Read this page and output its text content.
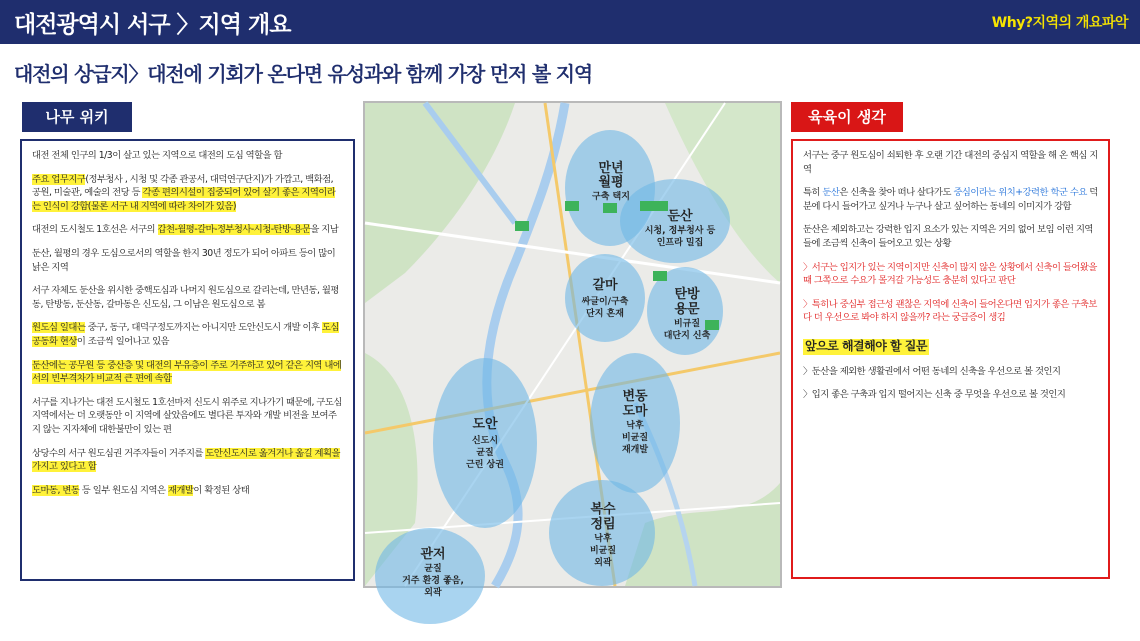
대전광역시 서구 〉지역 개요	Why?지역의 개요파악
대전의 상급지〉대전에 기회가 온다면 유성과와 함께 가장 먼저 볼 지역
나무 위키

대전 전체 인구의 1/3이 살고 있는 지역으로 대전의 도심 역할을 함

주요 업무지구(정부청사 , 시청 및 각종 관공서, 대덕연구단지)가 가깝고, 백화점, 공원, 미술관, 예술의 전당 등 각종 편의시설이 집중되어 있어 살기 좋은 지역이라는 인식이 강함(물론 서구 내 지역에 따라 차이가 있음)

대전의 도시철도 1호선은 서구의 갑천-월평-갈마-정부청사-시청-탄방-용문을 지남

둔산, 월평의 경우 도심으로서의 역할을 한지 30년 정도가 되어 아파트 등이 많이 낡은 지역

서구 자체도 둔산을 위시한 중핵도심과 나머지 원도심으로 갈리는데, 만년동, 월평동, 탄방동, 둔산동, 갈마동은 신도심, 그 이남은 원도심으로 봄

원도심 일대는 중구, 동구, 대덕구정도까지는 아니지만 도안신도시 개발 이후 도심 공동화 현상이 조금씩 일어나고 있음

둔산에는 공무원 등 중산층 및 대전의 부유층이 주로 거주하고 있어 같은 지역 내에서의 빈부격차가 비교적 큰 편에 속함

서구를 지나가는 대전 도시철도 1호선마저 신도시 위주로 지나가기 때문에, 구도심 지역에서는 더 오랫동안 이 지역에 살았음에도 별다른 투자와 개발 비전을 보여주지 않는 지자체에 대한불만이 있는 편

상당수의 서구 원도심권 거주자들이 거주지를 도안신도시로 옮겨거나 옮길 계획을 가지고 있다고 함

도마동, 변동 등 일부 원도심 지역은 재개발이 확정된 상태

만년
월평
구축 택지
둔산
시청, 정부청사 등
인프라 밀집
갈마
싸글이/구축
단지 혼재
탄방
용문
비규질
대단지 신축
도안
신도시
균질
근린 상권
변동
도마
낙후
비균질
재개발
복수
정림
낙후
비균질
외곽
관저
균질
거주 환경 좋음,
외곽
육육이 생각

서구는 중구 원도심이 쇠퇴한 후 오랜 기간 대전의 중심지 역할을 해 온 핵심 지역

특히 둔산은 신축을 찾아 떠나 살다가도 중심이라는 위치+강력한 학군 수요 덕분에 다시 들어가고 싶거나 누구나 살고 싶어하는 동네의 이미지가 강함

둔산은 제외하고는 강력한 입지 요소가 있는 지역은 거의 없어 보임 이런 지역들에 조금씩 신축이 들어오고 있는 상황

〉서구는 입지가 있는 지역이지만 신축이 많지 않은 상황에서 신축이 들어왔을 때 그쪽으로 수요가 몰겨갈 가능성도 충분히 있다고 판단

〉특히나 중심부 접근성 괜찮은 지역에 신축이 들어온다면 입지가 좋은 구축보다 더 우선으로 봐야 하지 않을까? 라는 궁금증이 생김

앞으로 해결해야 할 질문

〉둔산을 제외한 생활권에서 어떤 동네의 신축을 우선으로 볼 것인지

〉입지 좋은 구축과 입지 떨어지는 신축 중 무엇을 우선으로 볼 것인지
